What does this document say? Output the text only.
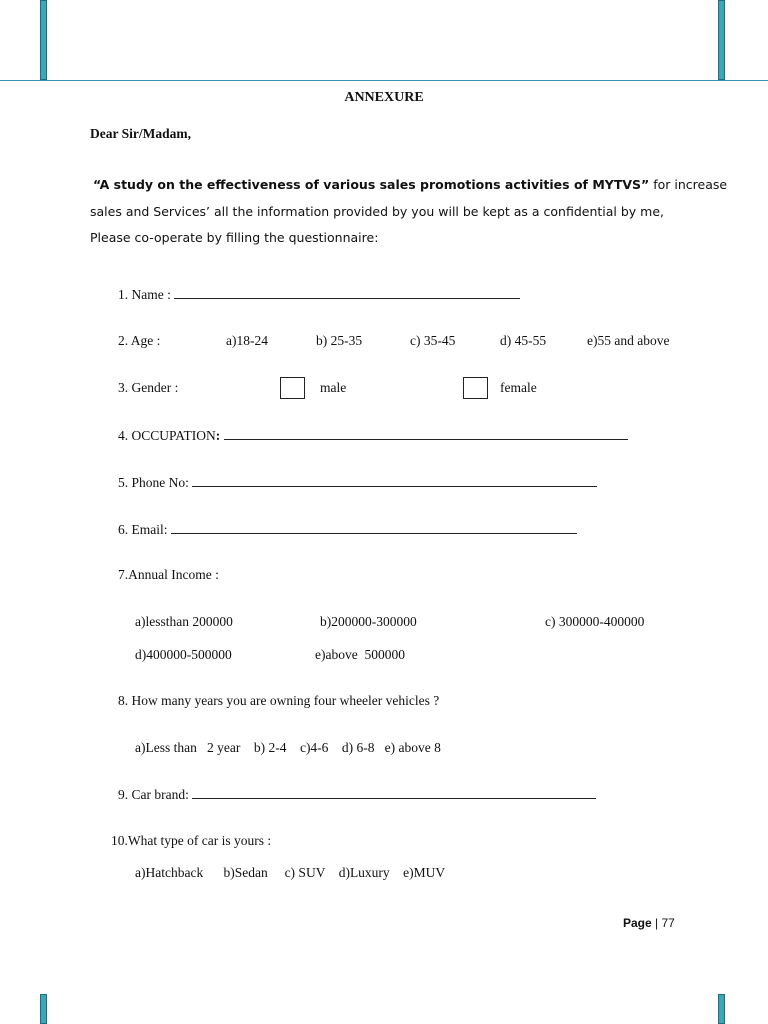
ANNEXURE
Dear Sir/Madam,
“A study on the effectiveness of various sales promotions activities of MYTVS” for increase
sales and Services’ all the information provided by you will be kept as a confidential by me,
Please co-operate by filling the questionnaire:
1. Name :
2. Age :	a)18-24	b) 25-35	c) 35-45	d) 45-55	e)55 and above
3. Gender :	male	female
4. OCCUPATION:
5. Phone No:
6. Email:
7.Annual Income :
a)lessthan 200000	b)200000-300000	c) 300000-400000
d)400000-500000	e)above  500000
8. How many years you are owning four wheeler vehicles ?
a)Less than   2 year    b) 2-4    c)4-6    d) 6-8   e) above 8
9. Car brand:
10.What type of car is yours :
a)Hatchback      b)Sedan     c) SUV    d)Luxury    e)MUV
Page | 77
